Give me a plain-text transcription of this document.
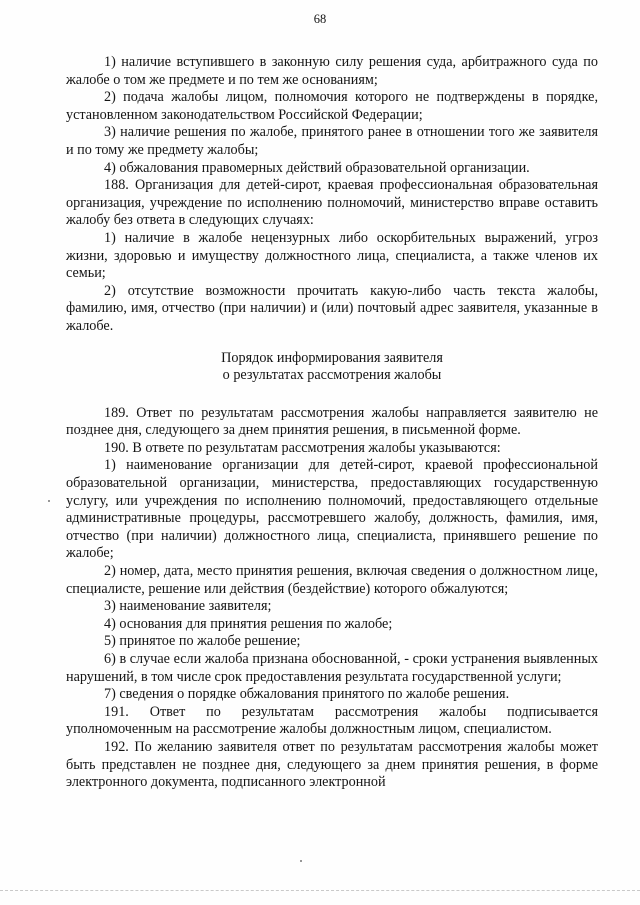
68

1) наличие вступившего в законную силу решения суда, арбитражного суда по жалобе о том же предмете и по тем же основаниям;

2) подача жалобы лицом, полномочия которого не подтверждены в порядке, установленном законодательством Российской Федерации;

3) наличие решения по жалобе, принятого ранее в отношении того же заявителя и по тому же предмету жалобы;

4) обжалования правомерных действий образовательной организации.

188. Организация для детей-сирот, краевая профессиональная образовательная организация, учреждение по исполнению полномочий, министерство вправе оставить жалобу без ответа в следующих случаях:

1) наличие в жалобе нецензурных либо оскорбительных выражений, угроз жизни, здоровью и имуществу должностного лица, специалиста, а также членов их семьи;

2) отсутствие возможности прочитать какую-либо часть текста жалобы, фамилию, имя, отчество (при наличии) и (или) почтовый адрес заявителя, указанные в жалобе.

Порядок информирования заявителя
о результатах рассмотрения жалобы

189. Ответ по результатам рассмотрения жалобы направляется заявителю не позднее дня, следующего за днем принятия решения, в письменной форме.

190. В ответе по результатам рассмотрения жалобы указываются:

1) наименование организации для детей-сирот, краевой профессиональной образовательной организации, министерства, предоставляющих государственную услугу, или учреждения по исполнению полномочий, предоставляющего отдельные административные процедуры, рассмотревшего жалобу, должность, фамилия, имя, отчество (при наличии) должностного лица, специалиста, принявшего решение по жалобе;

2) номер, дата, место принятия решения, включая сведения о должностном лице, специалисте, решение или действия (бездействие) которого обжалуются;

3) наименование заявителя;

4) основания для принятия решения по жалобе;

5) принятое по жалобе решение;

6) в случае если жалоба признана обоснованной, - сроки устранения выявленных нарушений, в том числе срок предоставления результата государственной услуги;

7) сведения о порядке обжалования принятого по жалобе решения.

191. Ответ по результатам рассмотрения жалобы подписывается уполномоченным на рассмотрение жалобы должностным лицом, специалистом.

192. По желанию заявителя ответ по результатам рассмотрения жалобы может быть представлен не позднее дня, следующего за днем принятия решения, в форме электронного документа, подписанного электронной
